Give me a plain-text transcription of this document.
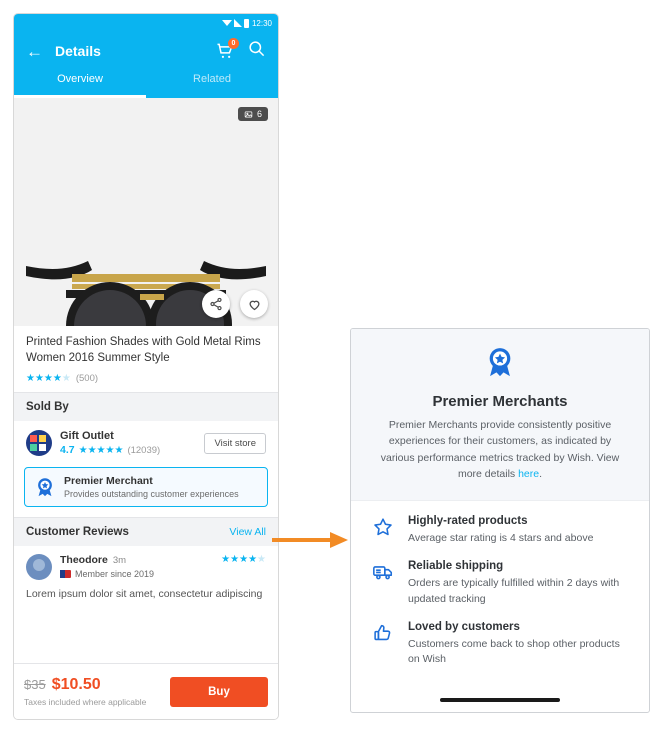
12:30
← Details	0
Overview	Related
6
Printed Fashion Shades with Gold Metal Rims Women 2016 Summer Style
★★★★★ (500)
Sold By
Gift Outlet
4.7 ★★★★★ (12039)
Visit store
Premier Merchant
Provides outstanding customer experiences
Customer Reviews	View All
Theodore 3m
Member since 2019
★★★★★
Lorem ipsum dolor sit amet, consectetur adipiscing
$35 $10.50
Taxes included where applicable
Buy
Premier Merchants
Premier Merchants provide consistently positive experiences for their customers, as indicated by various performance metrics tracked by Wish. View more details here.
Highly-rated products
Average star rating is 4 stars and above
Reliable shipping
Orders are typically fulfilled within 2 days with updated tracking
Loved by customers
Customers come back to shop other products on Wish
